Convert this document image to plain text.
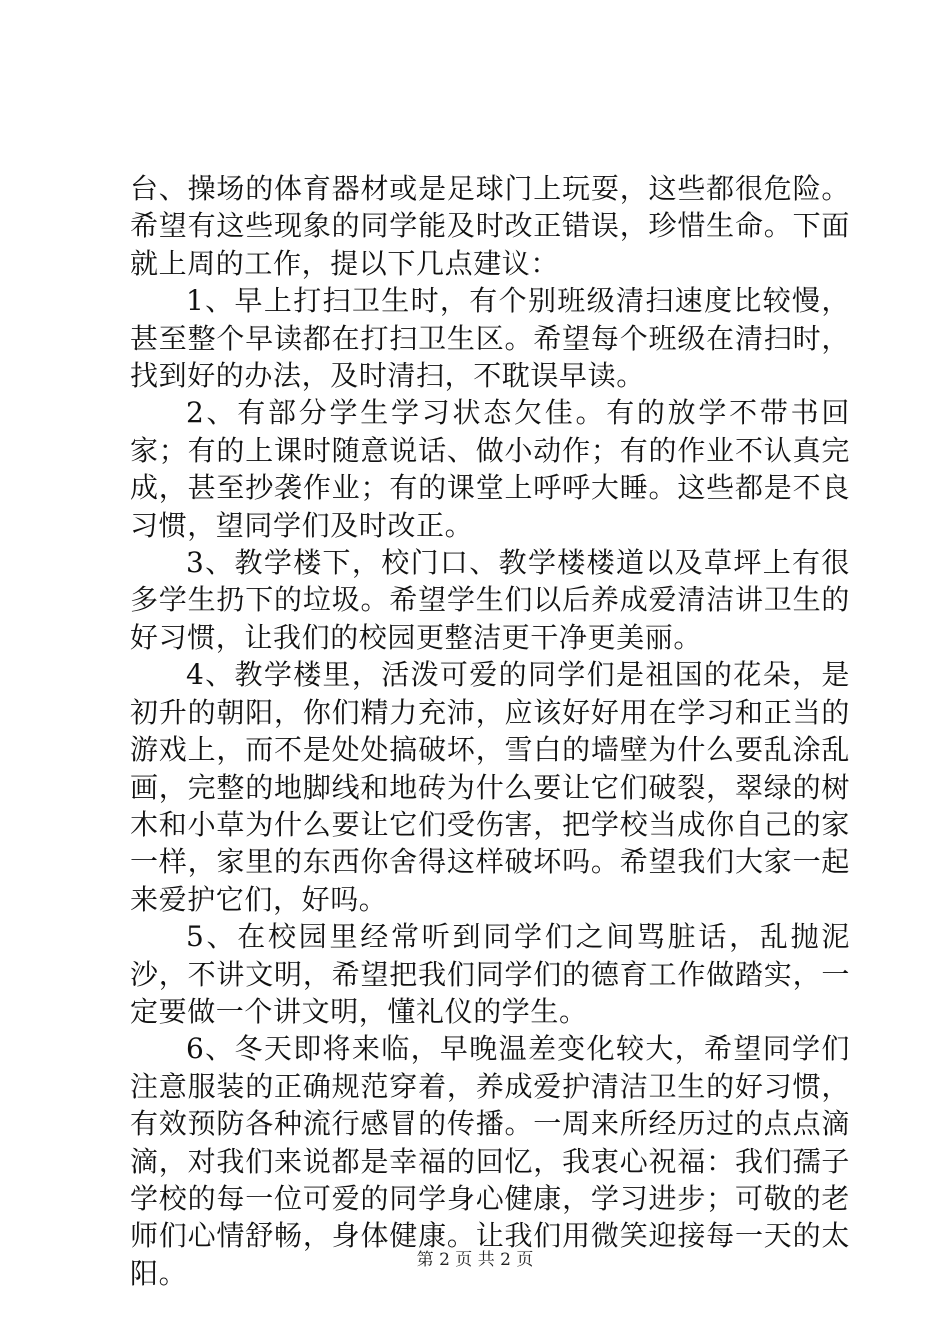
台、操场的体育器材或是足球门上玩耍，这些都很危险。希望有这些现象的同学能及时改正错误，珍惜生命。下面就上周的工作，提以下几点建议：

1、早上打扫卫生时，有个别班级清扫速度比较慢，甚至整个早读都在打扫卫生区。希望每个班级在清扫时，找到好的办法，及时清扫，不耽误早读。

2、有部分学生学习状态欠佳。有的放学不带书回家；有的上课时随意说话、做小动作；有的作业不认真完成，甚至抄袭作业；有的课堂上呼呼大睡。这些都是不良习惯，望同学们及时改正。

3、教学楼下，校门口、教学楼楼道以及草坪上有很多学生扔下的垃圾。希望学生们以后养成爱清洁讲卫生的好习惯，让我们的校园更整洁更干净更美丽。

4、教学楼里，活泼可爱的同学们是祖国的花朵，是初升的朝阳，你们精力充沛，应该好好用在学习和正当的游戏上，而不是处处搞破坏，雪白的墙壁为什么要乱涂乱画，完整的地脚线和地砖为什么要让它们破裂，翠绿的树木和小草为什么要让它们受伤害，把学校当成你自己的家一样，家里的东西你舍得这样破坏吗。希望我们大家一起来爱护它们，好吗。

5、在校园里经常听到同学们之间骂脏话，乱抛泥沙，不讲文明，希望把我们同学们的德育工作做踏实，一定要做一个讲文明，懂礼仪的学生。

6、冬天即将来临，早晚温差变化较大，希望同学们注意服装的正确规范穿着，养成爱护清洁卫生的好习惯，有效预防各种流行感冒的传播。一周来所经历过的点点滴滴，对我们来说都是幸福的回忆，我衷心祝福：我们孺子学校的每一位可爱的同学身心健康，学习进步；可敬的老师们心情舒畅，身体健康。让我们用微笑迎接每一天的太阳。	第 2 页 共 2 页
